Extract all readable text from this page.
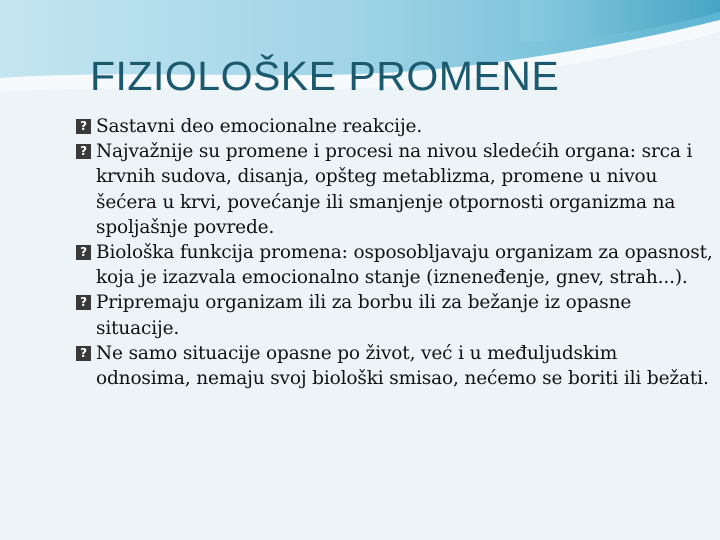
FIZIOLOŠKE PROMENE
? Sastavni deo emocionalne reakcije.
? Najvažnije su promene i procesi na nivou sledećih organa: srca i krvnih sudova, disanja, opšteg metablizma, promene u nivou šećera u krvi, povećanje ili smanjenje otpornosti organizma na spoljašnje povrede.
? Biološka funkcija promena: osposobljavaju organizam za opasnost, koja je izazvala emocionalno stanje (iznenеđenje, gnev, strah...).
? Pripremaju organizam ili za borbu ili za bežanje iz opasne situacije.
? Ne samo situacije opasne po život, već i u međuljudskim odnosima, nemaju svoj biološki smisao, nećemo se boriti ili bežati.
